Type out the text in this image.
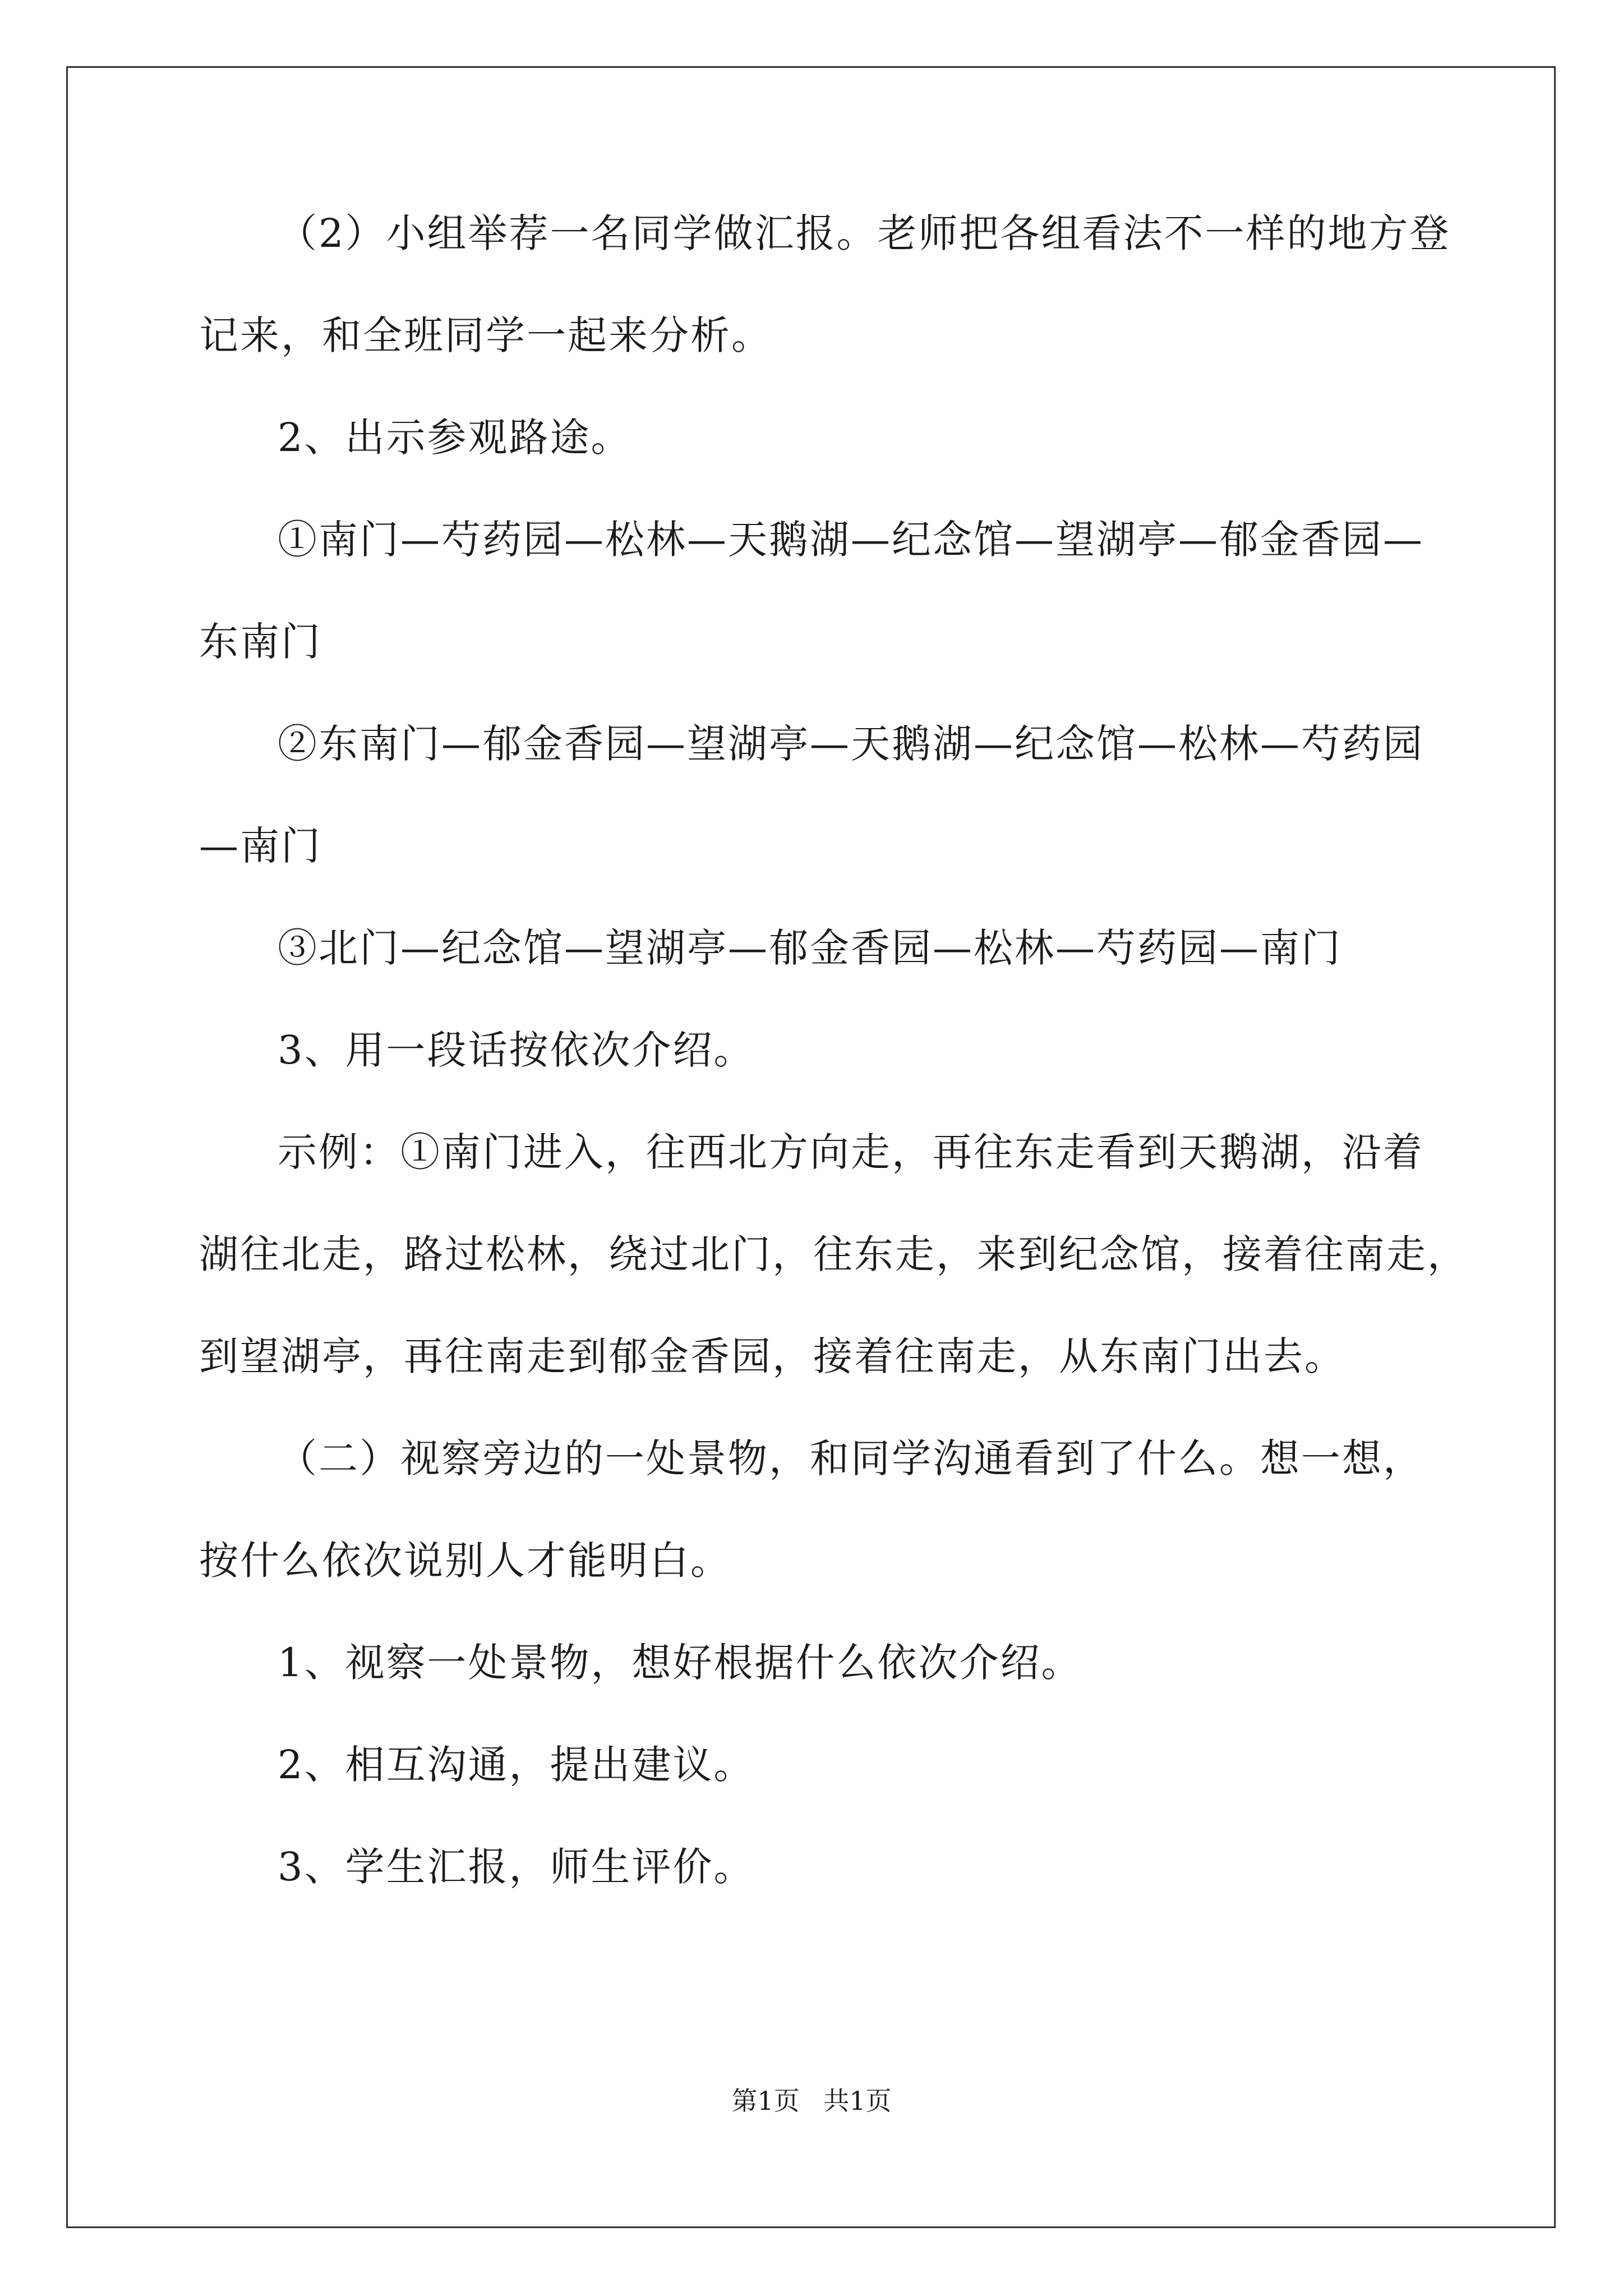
（2）小组举荐一名同学做汇报。老师把各组看法不一样的地方登
记来，和全班同学一起来分析。
2、出示参观路途。
①南门—芍药园—松林—天鹅湖—纪念馆—望湖亭—郁金香园—
东南门
②东南门—郁金香园—望湖亭—天鹅湖—纪念馆—松林—芍药园
—南门
③北门—纪念馆—望湖亭—郁金香园—松林—芍药园—南门
3、用一段话按依次介绍。
示例：①南门进入，往西北方向走，再往东走看到天鹅湖，沿着
湖往北走，路过松林，绕过北门，往东走，来到纪念馆，接着往南走，
到望湖亭，再往南走到郁金香园，接着往南走，从东南门出去。
（二）视察旁边的一处景物，和同学沟通看到了什么。想一想，
按什么依次说别人才能明白。
1、视察一处景物，想好根据什么依次介绍。
2、相互沟通，提出建议。
3、学生汇报，师生评价。
第1页 共1页
